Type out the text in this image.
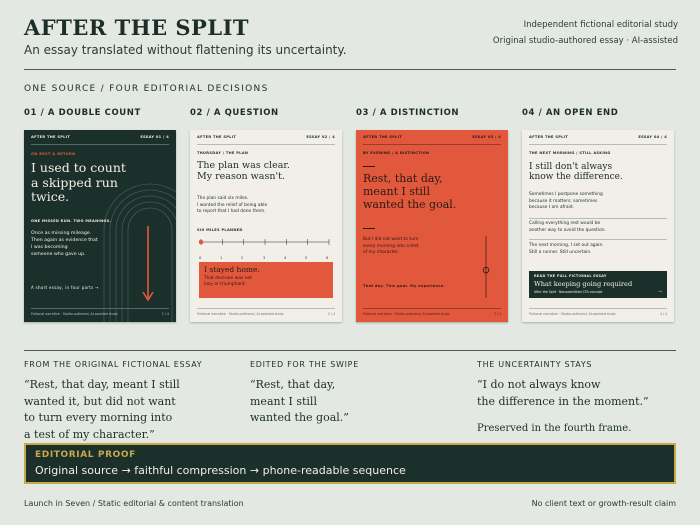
AFTER THE SPLIT
An essay translated without flattening its uncertainty.
Independent fictional editorial study
Original studio-authored essay · AI-assisted
ONE SOURCE / FOUR EDITORIAL DECISIONS
01 / A DOUBLE COUNT	02 / A QUESTION	03 / A DISTINCTION	04 / AN OPEN END
AFTER THE SPLIT	ESSAY 01 / 4
ON REST & RETURN
I used to count
a skipped run
twice.
ONE MISSED RUN. TWO MEANINGS.
Once as missing mileage.
Then again as evidence that
I was becoming
someone who gave up.
A short essay, in four parts →
Fictional narrative · Studio-authored, AI-assisted study	1 / 4
AFTER THE SPLIT	ESSAY 02 / 4
THURSDAY / THE PLAN
The plan was clear.
My reason wasn't.
The plan said six miles.
I wanted the relief of being able
to report that I had done them.
SIX MILES PLANNED
0	1	2	3	4	5	6
I stayed home.
That decision was not
lazy or triumphant.
Fictional narrative · Studio-authored, AI-assisted study	2 / 4
AFTER THE SPLIT	ESSAY 03 / 4
BY EVENING / A DISTINCTION
Rest, that day,
meant I still
wanted the goal.
But I did not want to turn
every morning into a test
of my character.
That day. This goal. My experience.
Fictional narrative · Studio-authored, AI-assisted study	3 / 4
AFTER THE SPLIT	ESSAY 04 / 4
THE NEXT MORNING / STILL ASKING
I still don't always
know the difference.
Sometimes I postpone something
because it matters; sometimes
because I am afraid.
Calling everything rest would be
another way to avoid the question.
The next morning, I set out again.
Still a runner. Still uncertain.
READ THE FULL FICTIONAL ESSAY
What keeping going required
After the Split · Nonsubmitted CTA concept	→
Fictional narrative · Studio-authored, AI-assisted study	4 / 4
FROM THE ORIGINAL FICTIONAL ESSAY
“Rest, that day, meant I still
wanted it, but did not want
to turn every morning into
a test of my character.”
EDITED FOR THE SWIPE
“Rest, that day,
meant I still
wanted the goal.”
THE UNCERTAINTY STAYS
“I do not always know
the difference in the moment.”
Preserved in the fourth frame.
EDITORIAL PROOF
Original source → faithful compression → phone-readable sequence
Launch in Seven / Static editorial & content translation	No client text or growth-result claim
